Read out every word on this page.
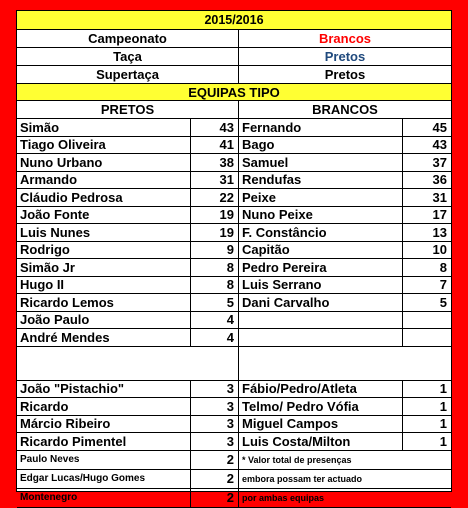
2015/2016
Campeonato	Brancos
Taça	Pretos
Supertaça	Pretos
EQUIPAS TIPO
PRETOS	BRANCOS
Simão	43 Fernando	45
Tiago Oliveira	41 Bago	43
Nuno Urbano	38 Samuel	37
Armando	31 Rendufas	36
Cláudio Pedrosa	22 Peixe	31
João Fonte	19 Nuno Peixe	17
Luis Nunes	19 F. Constâncio	13
Rodrigo	9 Capitão	10
Simão Jr	8 Pedro Pereira	8
Hugo II	8 Luis Serrano	7
Ricardo Lemos	5 Dani Carvalho	5
João Paulo	4
André Mendes	4
João "Pistachio"	3 Fábio/Pedro/Atleta	1
Ricardo	3 Telmo/ Pedro Vófia	1
Márcio Ribeiro	3 Miguel Campos	1
Ricardo Pimentel	3 Luis Costa/Milton	1
Paulo Neves	2 * Valor total de presenças
Edgar Lucas/Hugo Gomes	2 embora possam ter actuado
Montenegro	2 por ambas equipas
